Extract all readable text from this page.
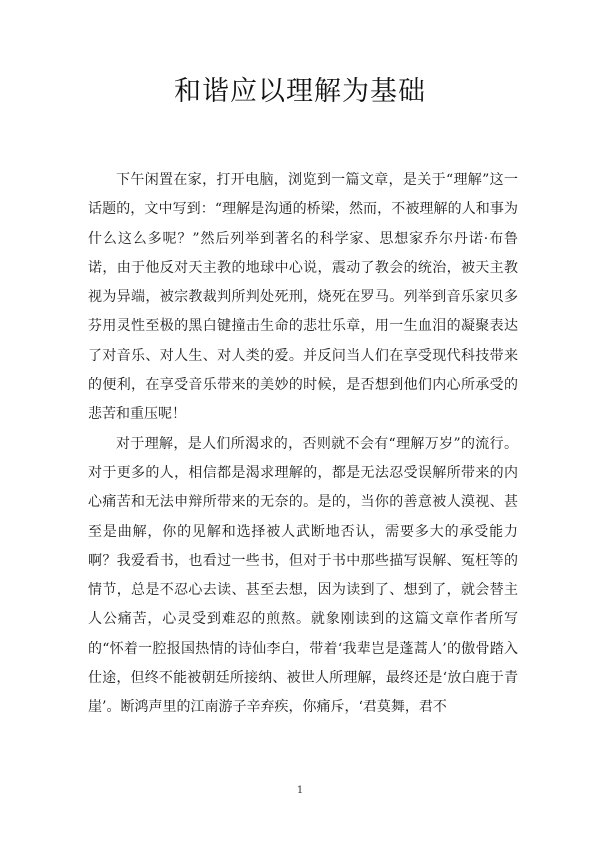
和谐应以理解为基础

下午闲置在家，打开电脑，浏览到一篇文章，是关于“理解”这一话题的，文中写到：“理解是沟通的桥梁，然而，不被理解的人和事为什么这么多呢？”然后列举到著名的科学家、思想家乔尔丹诺·布鲁诺，由于他反对天主教的地球中心说，震动了教会的统治，被天主教视为异端，被宗教裁判所判处死刑，烧死在罗马。列举到音乐家贝多芬用灵性至极的黑白键撞击生命的悲壮乐章，用一生血泪的凝聚表达了对音乐、对人生、对人类的爱。并反问当人们在享受现代科技带来的便利，在享受音乐带来的美妙的时候，是否想到他们内心所承受的悲苦和重压呢！

对于理解，是人们所渴求的，否则就不会有“理解万岁”的流行。对于更多的人，相信都是渴求理解的，都是无法忍受误解所带来的内心痛苦和无法申辩所带来的无奈的。是的，当你的善意被人漠视、甚至是曲解，你的见解和选择被人武断地否认，需要多大的承受能力啊？我爱看书，也看过一些书，但对于书中那些描写误解、冤枉等的情节，总是不忍心去读、甚至去想，因为读到了、想到了，就会替主人公痛苦，心灵受到难忍的煎熬。就象刚读到的这篇文章作者所写的“怀着一腔报国热情的诗仙李白，带着‘我辈岂是蓬蒿人’的傲骨踏入仕途，但终不能被朝廷所接纳、被世人所理解，最终还是‘放白鹿于青崖’。断鸿声里的江南游子辛弃疾，你痛斥，‘君莫舞，君不

1
